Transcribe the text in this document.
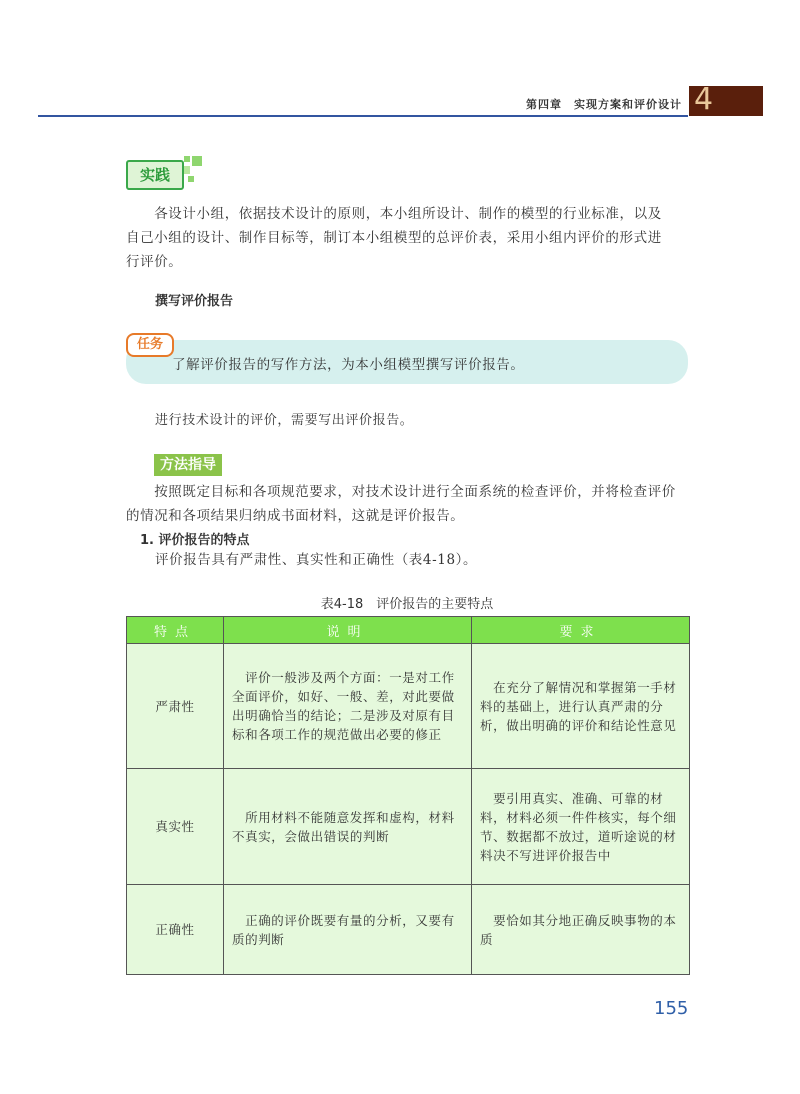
第四章　实现方案和评价设计 4
实践
　　各设计小组，依据技术设计的原则，本小组所设计、制作的模型的行业标准，以及
自己小组的设计、制作目标等，制订本小组模型的总评价表，采用小组内评价的形式进
行评价。
撰写评价报告
任务
了解评价报告的写作方法，为本小组模型撰写评价报告。
进行技术设计的评价，需要写出评价报告。
方法指导
　　按照既定目标和各项规范要求，对技术设计进行全面系统的检查评价，并将检查评价
的情况和各项结果归纳成书面材料，这就是评价报告。
1. 评价报告的特点
评价报告具有严肃性、真实性和正确性（表4-18）。
表4-18　评价报告的主要特点
特点	说明	要求
严肃性	　评价一般涉及两个方面：一是对工作全面评价，如好、一般、差，对此要做出明确恰当的结论；二是涉及对原有目标和各项工作的规范做出必要的修正	　在充分了解情况和掌握第一手材料的基础上，进行认真严肃的分析，做出明确的评价和结论性意见
真实性	　所用材料不能随意发挥和虚构，材料不真实，会做出错误的判断	　要引用真实、准确、可靠的材料，材料必须一件件核实，每个细节、数据都不放过，道听途说的材料决不写进评价报告中
正确性	　正确的评价既要有量的分析，又要有质的判断	　要恰如其分地正确反映事物的本质
155
